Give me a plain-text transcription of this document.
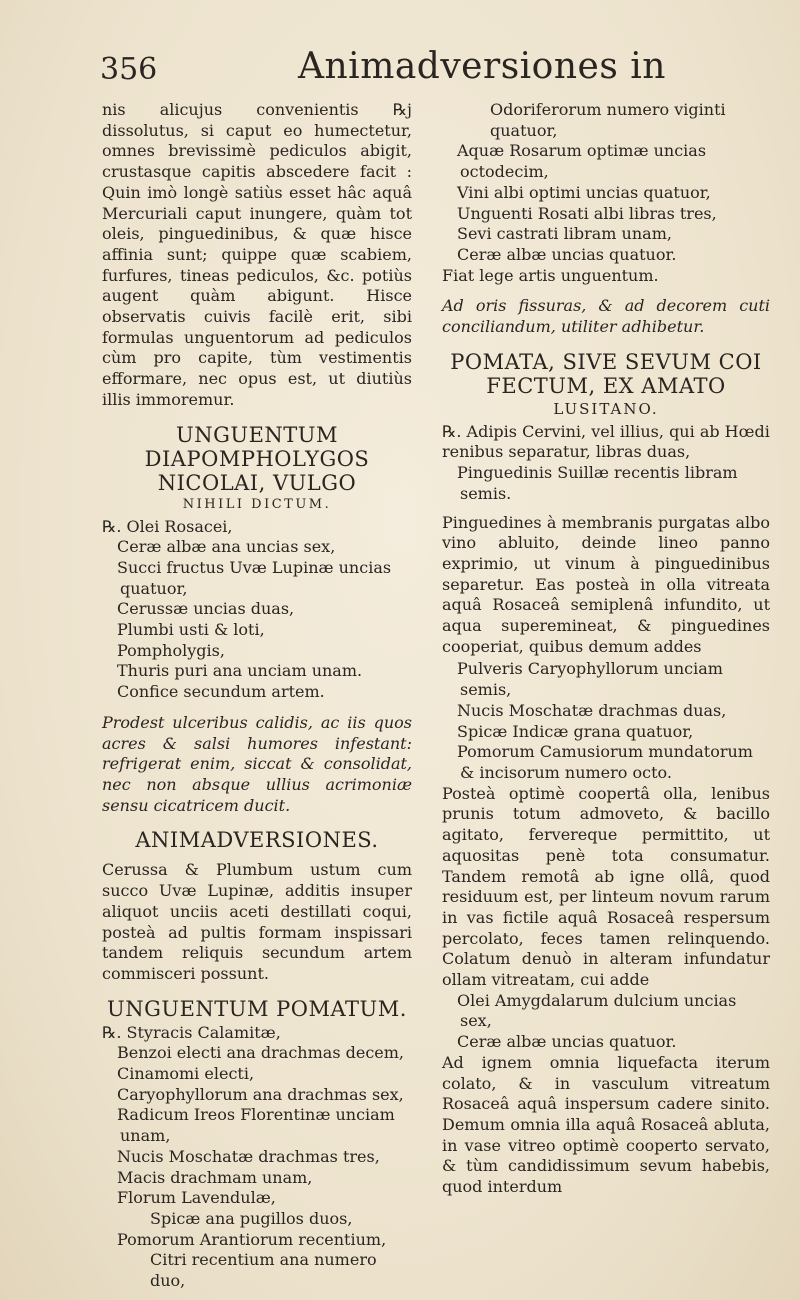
356	Animadversiones in

nis alicujus convenientis ℞j dissolutus, si caput eo humectetur, omnes brevissimè pediculos abigit, crustasque capitis abscedere facit : Quin imò longè satiùs esset hâc aquâ Mercuriali caput inungere, quàm tot oleis, pinguedinibus, & quæ hisce affinia sunt; quippe quæ scabiem, furfures, tineas pediculos, &c. potiùs augent quàm abigunt. Hisce observatis cuivis facilè erit, sibi formulas unguentorum ad pediculos cùm pro capite, tùm vestimentis efformare, nec opus est, ut diutiùs illis immoremur.

UNGUENTUM DIAPOMPHOLYGOS NICOLAI, VULGO
NIHILI DICTUM.

℞. Olei Rosacei,

Ceræ albæ ana uncias sex,

Succi fructus Uvæ Lupinæ uncias quatuor,

Cerussæ uncias duas,

Plumbi usti & loti,

Pompholygis,

Thuris puri ana unciam unam.

Confice secundum artem.

Prodest ulceribus calidis, ac iis quos acres & salsi humores infestant: refrigerat enim, siccat & consolidat, nec non absque ullius acrimoniæ sensu cicatricem ducit.

ANIMADVERSIONES.

Cerussa & Plumbum ustum cum succo Uvæ Lupinæ, additis insuper aliquot unciis aceti destillati coqui, posteà ad pultis formam inspissari tandem reliquis secundum artem commisceri possunt.

UNGUENTUM POMATUM.

℞. Styracis Calamitæ,

Benzoi electi ana drachmas decem,

Cinamomi electi,

Caryophyllorum ana drachmas sex,

Radicum Ireos Florentinæ unciam unam,

Nucis Moschatæ drachmas tres,

Macis drachmam unam,

Florum Lavendulæ,

Spicæ ana pugillos duos,

Pomorum Arantiorum recentium,

Citri recentium ana numero duo,

Odoriferorum numero viginti quatuor,

Aquæ Rosarum optimæ uncias octodecim,

Vini albi optimi uncias quatuor,

Unguenti Rosati albi libras tres,

Sevi castrati libram unam,

Ceræ albæ uncias quatuor.

Fiat lege artis unguentum.

Ad oris fissuras, & ad decorem cuti conciliandum, utiliter adhibetur.

POMATA, SIVE SEVUM COI FECTUM, EX AMATO
LUSITANO.

℞. Adipis Cervini, vel illius, qui ab Hœdi renibus separatur, libras duas,

Pinguedinis Suillæ recentis libram semis.

Pinguedines à membranis purgatas albo vino abluito, deinde lineo panno exprimio, ut vinum à pinguedinibus separetur. Eas posteà in olla vitreata aquâ Rosaceâ semiplenâ infundito, ut aqua superemineat, & pinguedines cooperiat, quibus demum addes

Pulveris Caryophyllorum unciam semis,

Nucis Moschatæ drachmas duas,

Spicæ Indicæ grana quatuor,

Pomorum Camusiorum mundatorum & incisorum numero octo.

Posteà optimè coopertâ olla, lenibus prunis totum admoveto, & bacillo agitato, fervereque permittito, ut aquositas penè tota consumatur. Tandem remotâ ab igne ollâ, quod residuum est, per linteum novum rarum in vas fictile aquâ Rosaceâ respersum percolato, feces tamen relinquendo. Colatum denuò in alteram infundatur ollam vitreatam, cui adde

Olei Amygdalarum dulcium uncias sex,

Ceræ albæ uncias quatuor.

Ad ignem omnia liquefacta iterum colato, & in vasculum vitreatum Rosaceâ aquâ inspersum cadere sinito. Demum omnia illa aquâ Rosaceâ abluta, in vase vitreo optimè cooperto servato, & tùm candidissimum sevum habebis, quod interdum
